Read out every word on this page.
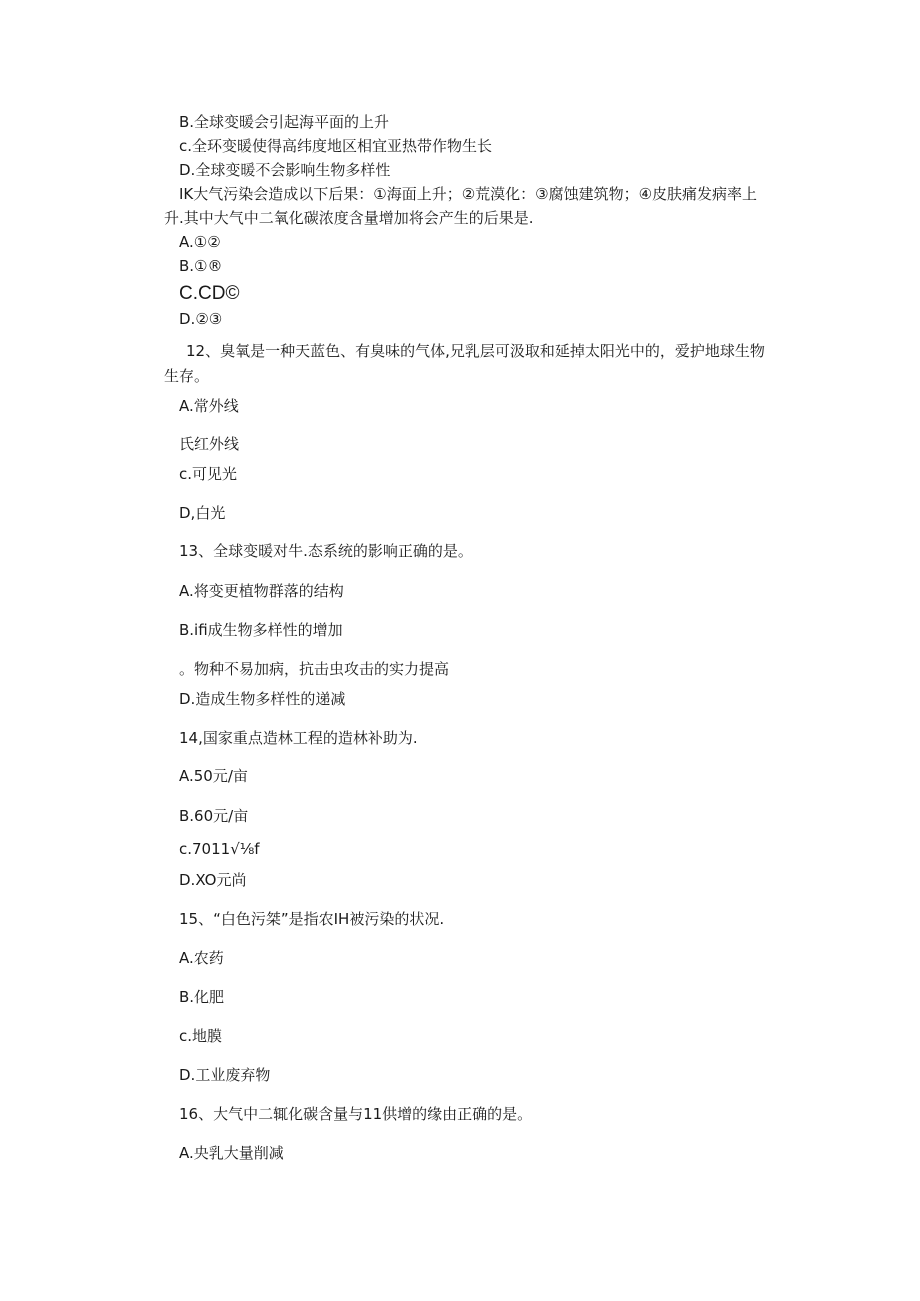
B.全球变暖会引起海平面的上升
c.全环变暖使得高纬度地区相宜亚热带作物生长
D.全球变暖不会影响生物多样性
IK大气污染会造成以下后果：①海面上升；②荒漠化：③腐蚀建筑物；④皮肤痛发病率上
升.其中大气中二氧化碳浓度含量增加将会产生的后果是.
A.①②
B.①®
C.CD©
D.②③
12、臭氧是一种天蓝色、有臭味的气体,兄乳层可汲取和延掉太阳光中的，爱护地球生物
生存。
A.常外线
氏红外线
c.可见光
D,白光
13、全球变暖对牛.态系统的影响正确的是。
A.将变更植物群落的结构
B.ifi成生物多样性的增加
。物种不易加病，抗击虫攻击的实力提高
D.造成生物多样性的递减
14,国家重点造林工程的造林补助为.
A.50元/亩
B.60元/亩
c.7011√⅛f
D.XO元尚
15、“白色污桀”是指农IH被污染的状况.
A.农药
B.化肥
c.地膜
D.工业废弃物
16、大气中二辄化碳含量与11供增的缘由正确的是。
A.央乳大量削减
